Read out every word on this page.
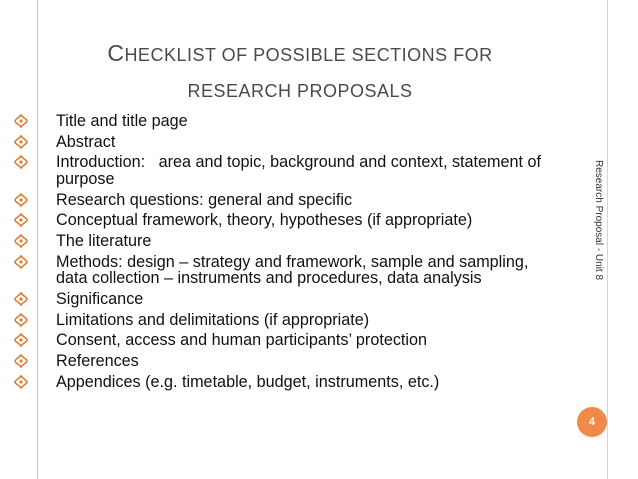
CHECKLIST OF POSSIBLE SECTIONS FOR
RESEARCH PROPOSALS
Title and title page
Abstract
Introduction:   area and topic, background and context, statement of purpose
Research questions: general and specific
Conceptual framework, theory, hypotheses (if appropriate)
The literature
Methods: design – strategy and framework, sample and sampling, data collection – instruments and procedures, data analysis
Significance
Limitations and delimitations (if appropriate)
Consent, access and human participants’ protection
References
Appendices (e.g. timetable, budget, instruments, etc.)
Research Proposal - Unit 8
4
